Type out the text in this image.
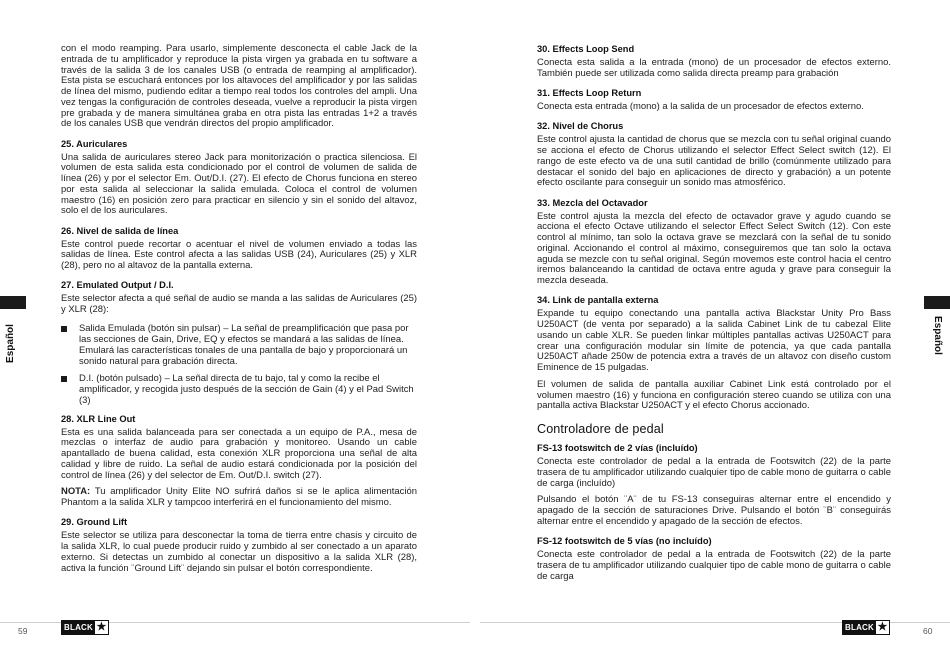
con el modo reamping. Para usarlo, simplemente desconecta el cable Jack de la entrada de tu amplificador y reproduce la pista virgen ya grabada en tu software a través de la salida 3 de los canales USB (o entrada de reamping al amplificador). Esta pista se escuchará entonces por los altavoces del amplificador y por las salidas de línea del mismo, pudiendo editar a tiempo real todos los controles del ampli. Una vez tengas la configuración de controles deseada, vuelve a reproducir la pista virgen pre grabada y de manera simultánea graba en otra pista las entradas 1+2 a través de los canales USB que vendrán directos del propio amplificador.

25. Auriculares

Una salida de auriculares stereo Jack para monitorización o practica silenciosa. El volumen de esta salida esta condicionado por el control de volumen de salida de línea (26) y por el selector Em. Out/D.I. (27). El efecto de Chorus funciona en stereo por esta salida al seleccionar la salida emulada. Coloca el control de volumen maestro (16) en posición zero para practicar en silencio y sin el sonido del altavoz, solo el de los auriculares.

26. Nivel de salida de línea

Este control puede recortar o acentuar el nivel de volumen enviado a todas las salidas de línea. Este control afecta a las salidas USB (24), Auriculares (25) y XLR (28), pero no al altavoz de la pantalla externa.

27. Emulated Output / D.I.

Este selector afecta a qué señal de audio se manda a las salidas de Auriculares (25) y XLR (28):

Salida Emulada (botón sin pulsar) – La señal de preamplificación que pasa por las secciones de Gain, Drive, EQ y efectos se mandará a las salidas de línea. Emulará las características tonales de una pantalla de bajo y proporcionará un sonido natural para grabación directa.

D.I. (botón pulsado) – La señal directa de tu bajo, tal y como la recibe el amplificador, y recogida justo después de la sección de Gain (4) y el Pad Switch (3)

28. XLR Line Out

Esta es una salida balanceada para ser conectada a un equipo de P.A., mesa de mezclas o interfaz de audio para grabación y monitoreo. Usando un cable apantallado de buena calidad, esta conexión XLR proporciona una señal de alta calidad y libre de ruido. La señal de audio estará condicionada por la posición del control de línea (26) y del selector de Em. Out/D.I. switch (27).

NOTA: Tu amplificador Unity Elite NO sufrirá daños si se le aplica alimentación Phantom a la salida XLR y tampcoo interferirá en el funcionamiento del mismo.

29. Ground Lift

Este selector se utiliza para desconectar la toma de tierra entre chasis y circuito de la salida XLR, lo cual puede producir ruido y zumbido al ser conectado a un aparato externo. Si detectas un zumbido al conectar un dispositivo a la salida XLR (28), activa la función ¨Ground Lift¨ dejando sin pulsar el botón correspondiente.

30. Effects Loop Send

Conecta esta salida a la entrada (mono) de un procesador de efectos externo. También puede ser utilizada como salida directa preamp para grabación

31. Effects Loop Return

Conecta esta entrada (mono) a la salida de un procesador de efectos externo.

32. Nivel de Chorus

Este control ajusta la cantidad de chorus que se mezcla con tu señal original cuando se acciona el efecto de Chorus utilizando el selector Effect Select switch (12). El rango de este efecto va de una sutil cantidad de brillo (comúnmente utilizado para destacar el sonido del bajo en aplicaciones de directo y grabación) a un potente efecto oscilante para conseguir un sonido mas atmosférico.

33. Mezcla del Octavador

Este control ajusta la mezcla del efecto de octavador grave y agudo cuando se acciona el efecto Octave utilizando el selector Effect Select Switch (12). Con este control al mínimo, tan solo la octava grave se mezclará con la señal de tu sonido original. Accionando el control al máximo, conseguiremos que tan solo la octava aguda se mezcle con tu señal original. Según movemos este control hacia el centro iremos balanceando la cantidad de octava entre aguda y grave para conseguir la mezcla deseada.

34. Link de pantalla externa

Expande tu equipo conectando una pantalla activa Blackstar Unity Pro Bass U250ACT (de venta por separado) a la salida Cabinet Link de tu cabezal Elite usando un cable XLR. Se pueden linkar múltiples pantallas activas U250ACT para crear una configuración modular sin límite de potencia, ya que cada pantalla U250ACT añade 250w de potencia extra a través de un altavoz con diseño custom Eminence de 15 pulgadas.

El volumen de salida de pantalla auxiliar Cabinet Link está controlado por el volumen maestro (16) y funciona en configuración stereo cuando se utiliza con una pantalla activa Blackstar U250ACT y el efecto Chorus accionado.

Controladore de pedal
FS-13 footswitch de 2 vías (incluído)

Conecta este controlador de pedal a la entrada de Footswitch (22) de la parte trasera de tu amplificador utilizando cualquier tipo de cable mono de guitarra o cable de carga (incluído)

Pulsando el botón ¨A¨ de tu FS-13 conseguiras alternar entre el encendido y apagado de la sección de saturaciones Drive. Pulsando el botón ¨B¨ conseguirás alternar entre el encendido y apagado de la sección de efectos.

FS-12 footswitch de 5 vías (no incluído)

Conecta este controlador de pedal a la entrada de Footswitch (22) de la parte trasera de tu amplificador utilizando cualquier tipo de cable mono de guitarra o cable de carga

Español	Español
59	60
BLACK ★	BLACK ★
